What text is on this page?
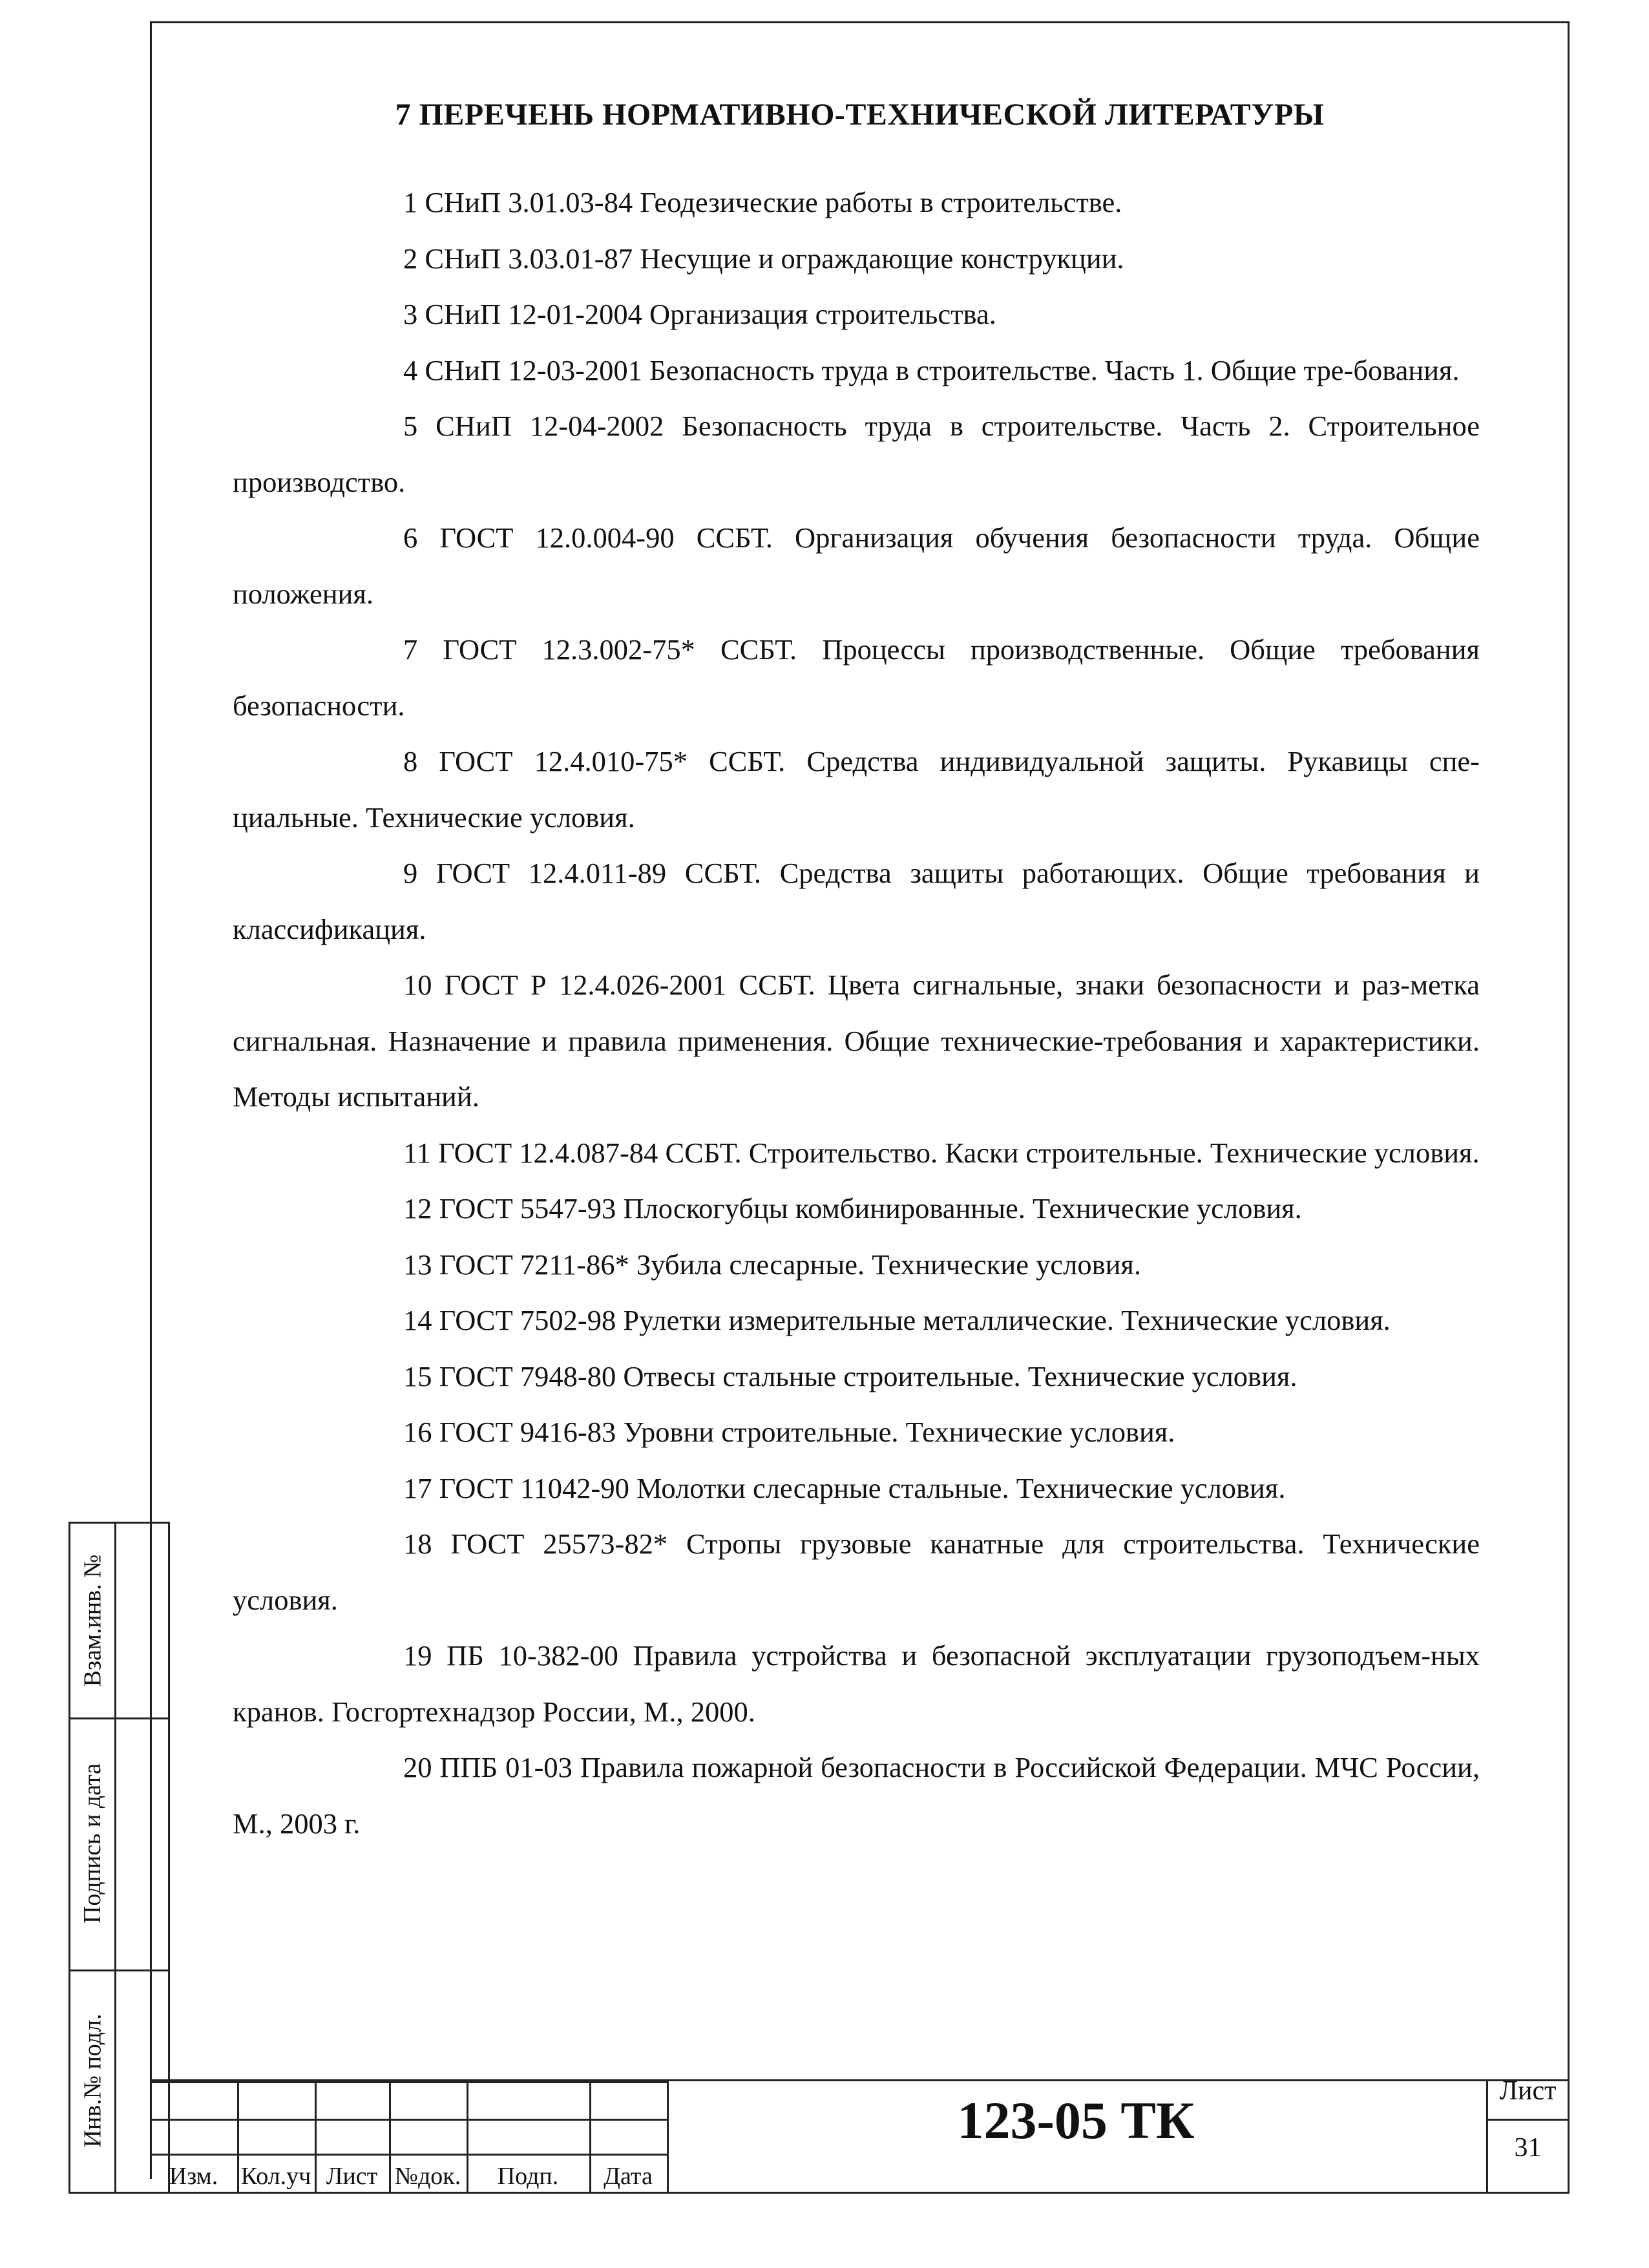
Взам.инв. №
Подпись и дата
Инв.№ подл.
7 ПЕРЕЧЕНЬ НОРМАТИВНО-ТЕХНИЧЕСКОЙ ЛИТЕРАТУРЫ

1 СНиП 3.01.03-84 Геодезические работы в строительстве.

2 СНиП 3.03.01-87 Несущие и ограждающие конструкции.

3 СНиП 12-01-2004 Организация строительства.

4 СНиП 12-03-2001 Безопасность труда в строительстве. Часть 1. Общие тре-бования.

5 СНиП 12-04-2002 Безопасность труда в строительстве. Часть 2. Строительное производство.

6 ГОСТ 12.0.004-90 ССБТ. Организация обучения безопасности труда. Общие положения.

7 ГОСТ 12.3.002-75* ССБТ. Процессы производственные. Общие требования безопасности.

8 ГОСТ 12.4.010-75* ССБТ. Средства индивидуальной защиты. Рукавицы спе-циальные. Технические условия.

9 ГОСТ 12.4.011-89 ССБТ. Средства защиты работающих. Общие требования и классификация.

10 ГОСТ Р 12.4.026-2001 ССБТ. Цвета сигнальные, знаки безопасности и раз-метка сигнальная. Назначение и правила применения. Общие технические-требования и характеристики. Методы испытаний.

11 ГОСТ 12.4.087-84 ССБТ. Строительство. Каски строительные. Технические условия.

12 ГОСТ 5547-93 Плоскогубцы комбинированные. Технические условия.

13 ГОСТ 7211-86* Зубила слесарные. Технические условия.

14 ГОСТ 7502-98 Рулетки измерительные металлические. Технические условия.

15 ГОСТ 7948-80 Отвесы стальные строительные. Технические условия.

16 ГОСТ 9416-83 Уровни строительные. Технические условия.

17 ГОСТ 11042-90 Молотки слесарные стальные. Технические условия.

18 ГОСТ 25573-82* Стропы грузовые канатные для строительства. Технические условия.

19 ПБ 10-382-00 Правила устройства и безопасной эксплуатации грузоподъем-ных кранов. Госгортехнадзор России, М., 2000.

20 ППБ 01-03 Правила пожарной безопасности в Российской Федерации. МЧС России, М., 2003 г.

Изм. Кол.уч Лист №док.	Подп.	Дата
123-05 ТК	Лист
31
